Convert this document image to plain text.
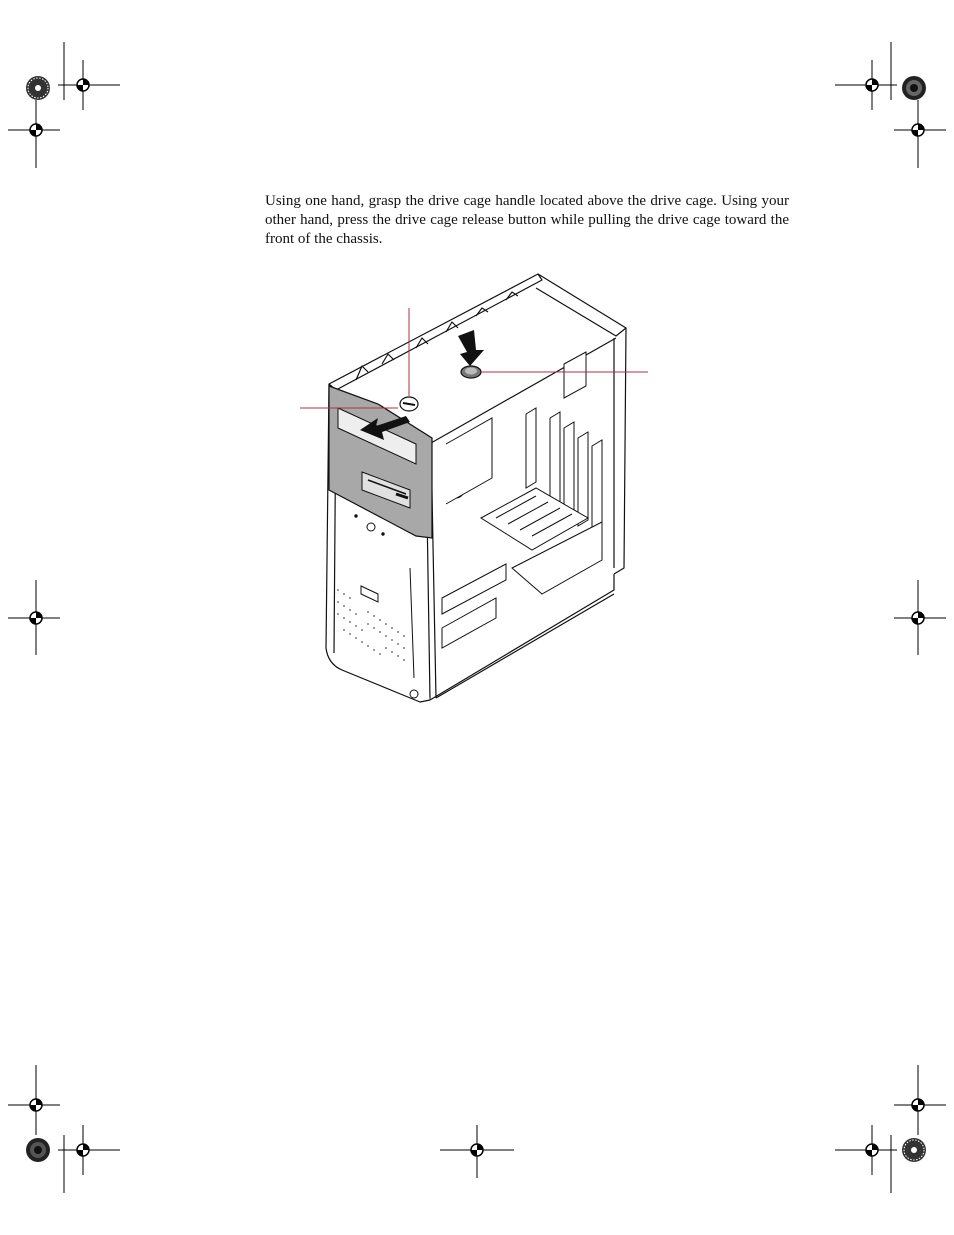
Using one hand, grasp the drive cage handle located above the drive cage. Using your other hand, press the drive cage release button while pulling the drive cage toward the front of the chassis.
